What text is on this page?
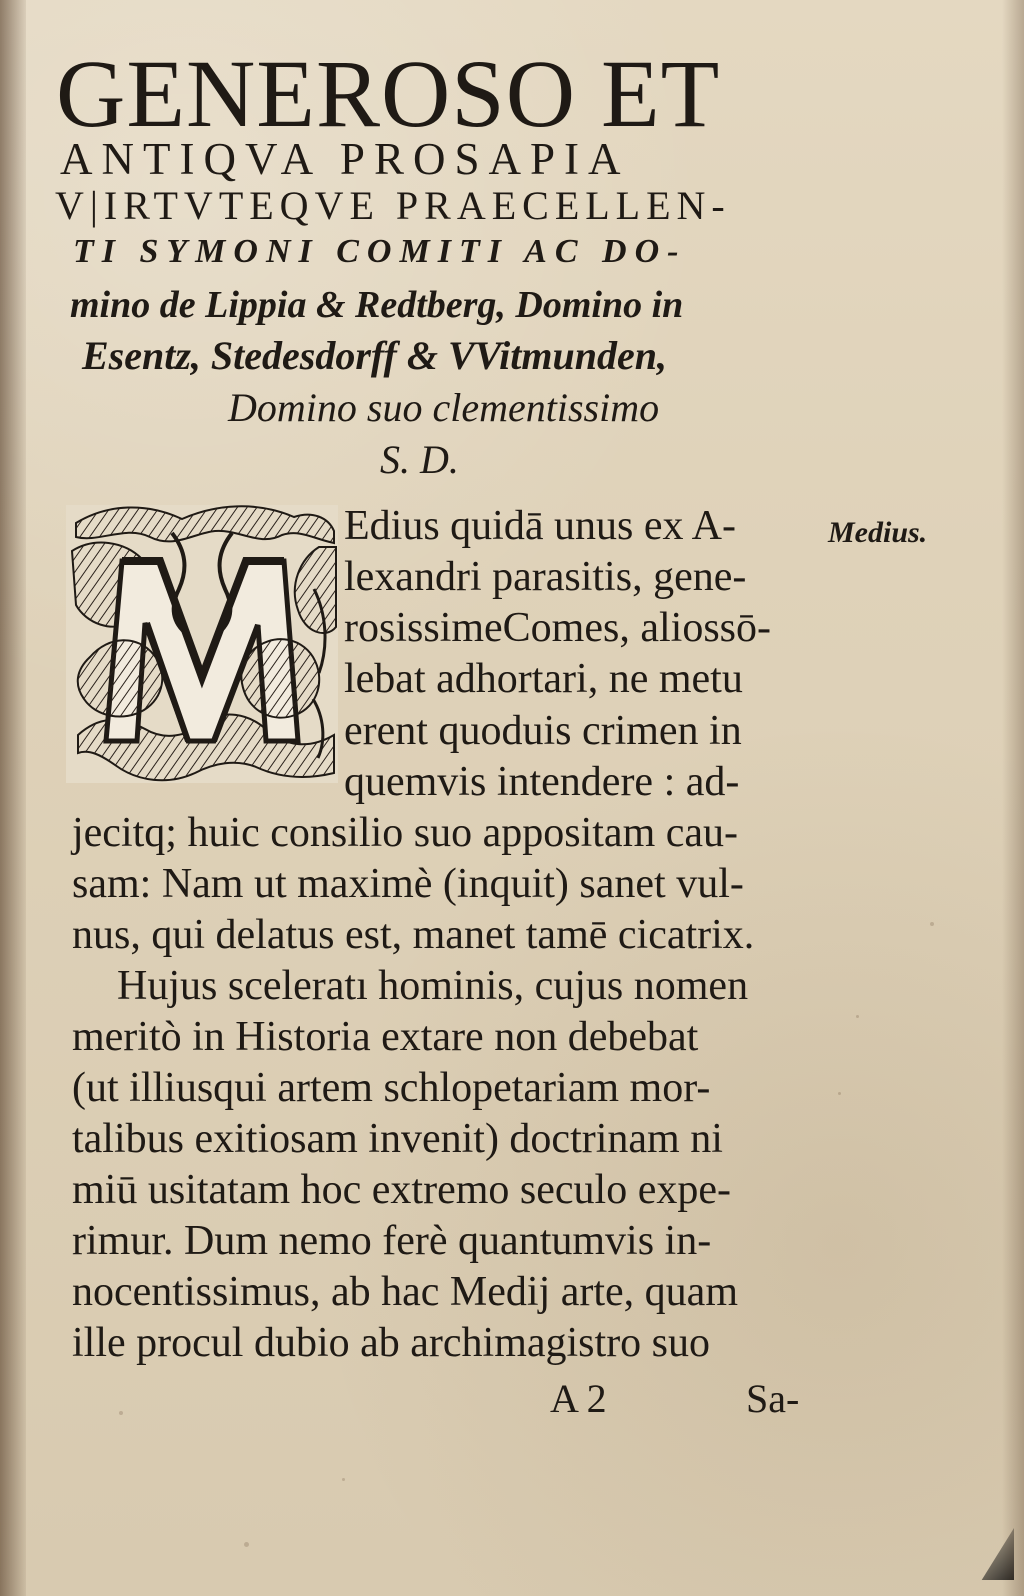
GENEROSO ET
ANTIQVA PROSAPIA
V|IRTVTEQVE PRAECELLEN-
TI SYMONI COMITI AC DO-
mino de Lippia & Redtberg, Domino in
Esentz, Stedesdorff & VVitmunden,
Domino suo clementissimo
S. D.
Edius quidā unus ex A-
lexandri parasitis, gene-
rosissimeComes, aliossō-
lebat adhortari, ne metu
erent quoduis crimen in
quemvis intendere : ad-
jecitq; huic consilio suo appositam cau-
sam: Nam ut maximè (inquit) sanet vul-
nus, qui delatus est, manet tamē cicatrix.
Hujus sceleratı hominis, cujus nomen
meritò in Historia extare non debebat
(ut illiusqui artem schlopetariam mor-
talibus exitiosam invenit) doctrinam ni
miū usitatam hoc extremo seculo expe-
rimur. Dum nemo ferè quantumvis in-
nocentissimus, ab hac Medij arte, quam
ille procul dubio ab archimagistro suo
Medius.
A 2	Sa-
